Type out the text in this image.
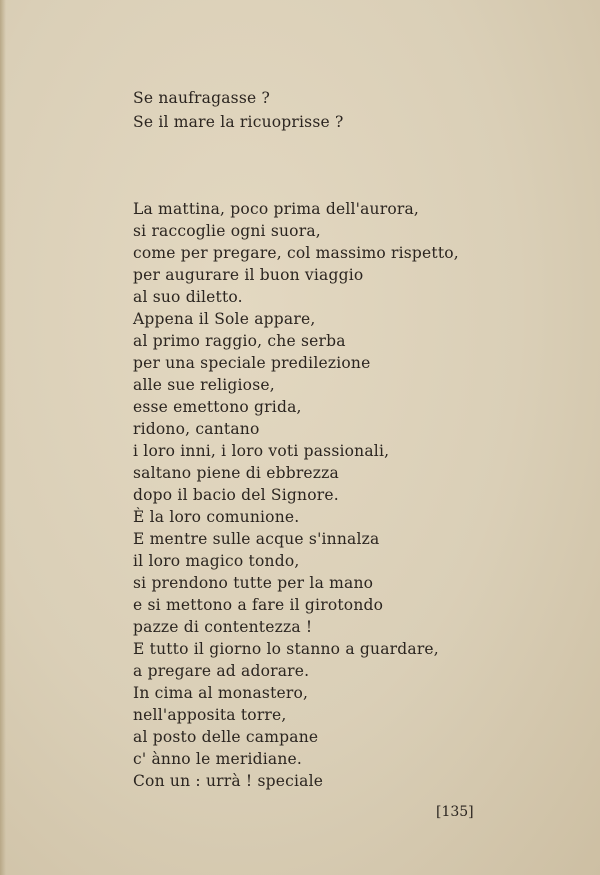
Se naufragasse ?
Se il mare la ricuoprisse ?
La mattina, poco prima dell'aurora,
si raccoglie ogni suora,
come per pregare, col massimo rispetto,
per augurare il buon viaggio
al suo diletto.
Appena il Sole appare,
al primo raggio, che serba
per una speciale predilezione
alle sue religiose,
esse emettono grida,
ridono, cantano
i loro inni, i loro voti passionali,
saltano piene di ebbrezza
dopo il bacio del Signore.
È la loro comunione.
E mentre sulle acque s'innalza
il loro magico tondo,
si prendono tutte per la mano
e si mettono a fare il girotondo
pazze di contentezza !
E tutto il giorno lo stanno a guardare,
a pregare ad adorare.
In cima al monastero,
nell'apposita torre,
al posto delle campane
c' ànno le meridiane.
Con un : urrà ! speciale
[135]
